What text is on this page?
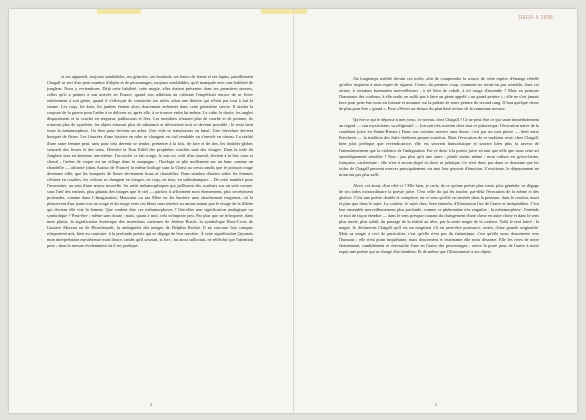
DEUX-II 1936

et ses appareils, toujours semblables, ses grincées, ses boulards, ses bancs de ferme et ses lapins, pareillement Chagall se sert d'un petit nombre d'objets et de personnages, toujours semblables, qu'il manipule avec une habileté de jongleur. Nous y reviendrons. Déjà cette habileté, cette magie, elles étaient présentes dans ses premières œuvres, celles qu'il a peintes à son arrivée en France, quand son adhésion au cubisme l'empêchait encore de se livrer entièrement à son génie, quand il s'efforçait de construire ses toiles selon une théorie qui n'était pas tout à fait la sienne. Les coqs, les ânes, les jambes étaient alors doucement enfermés dans cette géométrie stricte. Il faudra la coupure de la guerre pour l'aider à se délivrer et, après elle, à se trouver enfin lui-même. Le cube, le droite, les angles disparaissent et la couche en seigneur, paillassons et fées. Les membres n'auront plus de courbe et de pomme, ils n'auront plus de squelette, les objets n'auront plus de substance et dévoreront tout ce devenir possible ; le reste tient toute la métamorphose. Un bien peut devenir un arbre. Une vide se transformer en bœuf. Une chevelure devient bouquet de fleurs. Les fiancées d'une histoire en robe se changent en ciel rendable ou s'envole en oiseau. La réalité d'une autre femme peut, sans pour cela devenir se tendre, présenter à la fois, de face et de dos, les doubles-globes sensuels des fesses et des seins. Derrière la Tour Eiffel des prophètes couchés sont des visages. Dans la toile du Jongleur sera en demeure une-même. J'accroche ce fait rouge, le suis vu, volé d'un tournal, devient à la fois veau et chaval ; l'arène de cirque est un village dans la campagne ; l'horloge se plie mollement sur un banc comme un chandelle — affronté (dans Autour de France) la même horloge sans la Christ au creux tandis que le poisson rouge devenant ville, que les bouquets de fleurs deviennent boua et chandelier. Dans nombre d'autres toiles les femmes s'étirent en courbes, les violons se changent en visages, en coqs, en tiers, en saltimbanques… De cette manière pour l'inventaire, au sein d'une œuvre nouvelle, les raids métamorphiques qui jaillissent des couleurs sur un sofa cornue, sous l'œil des enfants, plus gâtants des images que le ciel — parfois il affiorment mon étonnement, plus secrètement profondes, comme dans L'Imagination, Mauvaise ou ma Mère ou les barrière sans attachement exigeants, où le plusouvent d'un jaune tois un rouge et du rouge verts ces bleus sons tendres au moins autant que le visage de la fillette qui devient elle vite la femme. Que veulent dire ces métamorphoses ? Ont-elles une signification analogique ou symbolique ? Peut-être ; même sans doute ; mais, quant à moi, cela m'importe peu. Par plus que ne m'importe, dans mon plaisir, la signification ésotérique des inventions curieuses de Jérôme Bosch, la symbolique Rose-Croix de Gustave Moreau ou de Bloschmoult, lu ambiguïtés des images de Delphin Rachet. Il ne suis-one fois compris n'importent mis, bien au contraire, à la profonde poésie qui se dégage de leur mystère. À cette signification j'ajoutais mon interprétation mystérieuse mais douce, tandis qu'il souriait, si fort ; lui aussi sollicitait, ne réfléchit que l'attention pose ; dans la mesure évidemment où il est poétique.

4

J'ai longtemps médité devant ces toiles, afin de comprendre la source de cette espèce d'étrange rebelle qu'elles inspirent à mon esprit de rigueur. Certes, du premier coup, comment ne serait-on pas sensible, chez cet artiste, à certaines harmonies merveilleuses ; à tel bleu de cobalt, à tel rouge d'incendie ? Mais en peinture l'harmonie des couleurs, à elle seule, ne suffit pas à faire un génie appelé « un grand peintre » ; elle ne s'est jamais hors pour peut-être nous en fortuné et nommer sur la palette de notre peintre de second rang. Il faut quelque chose de plus pour être « grand ». Pour s'élever au-dessus du plan basé rerisse de la commune mesure.

Qu'est-ce qui le dépasse à mes yeux, ce niveau, chez Chagall ? Ce ne peut être ce qui saute immédiatement au regard — son mysticisme, sa religiosité — (on sait très souvent chez moi ce pittoresque, l'évocation naïve de la condition juive en Sainte-Russie.) Dans son certains œuvres sans doute, c'est par un trou pierre — bien entre Kaschevir — la tradition des Juifs-chrétiens propre toutefois. Mais l'évocation de ce tradition reste, chez Chagall, bien plus poétique que revendicatrice, elle est souvent humoristique et sourire bien plus la saveur de l'attendrissement que la violence de l'indignation. Est-ce donc à la poésie juive en tant que telle que nous cette art sporadiquement sensible ? Non ; pas plus qu'à une autre ; plutôt moins même : mon culture est gréco-latine, française, cartésienne ; elle n'est à aucun degré ni slave ni judaïque. Ce n'est donc pas dans ce domaine que les toiles de Chagall peuvent exercer principalement sur moi leur pouvoir d'émotion. L'exotisme, le dépaysement ne m'auront pas plus suffi.

Alors, cet atout, d'un côté-ci ? Elle bien, je crois, de ce qu'une poésie plus vaste, plus générale, se dégage de ses toiles extraordinaire la poésie juive. C'est celle du qui les touche, par-delà l'évocation de la même et des ghettos. C'est une poésie double et complexe, en ce sens qu'elle est insérée dans la peinture, dans le couleur, aussi et plus que dans le sujet. La couleur, le sujet chez, bien entendu, d'illustration l'un de l'autre et inséparables. C'est leur ensemble merveilleusement plus profonde, comme ce phénomène très singulier : la métamorphose. J'entends ce mot de façon étendue — dans le sens presque courant du changement d'une chose en autre chose et dans le sens plus rareté, plus subtil, du passage de la réalité au rêve, par la seule magie de la couleur. Voilà le mot lancé : la magie. Je déclarerais Chagall qu'il est un magicien s'il est peut-être poursuivi, certes, d'une grande originalité. Mais sa magie a ceci de particulier, c'est qu'elle n'est pas du fantastique, c'est qu'elle nous doucement vers l'humour ; elle n'est point inquiétante, mais doucement et charmante elle nous désarme. Elle les rives de notre étonnement, candidement et chevauche l'une en l'autre des personnages ; ouvre la porte pour de l'autre à notre esprit une poésie qui se charge d'un bonheur. Et de même que l'illusionniste a ses objets

5
